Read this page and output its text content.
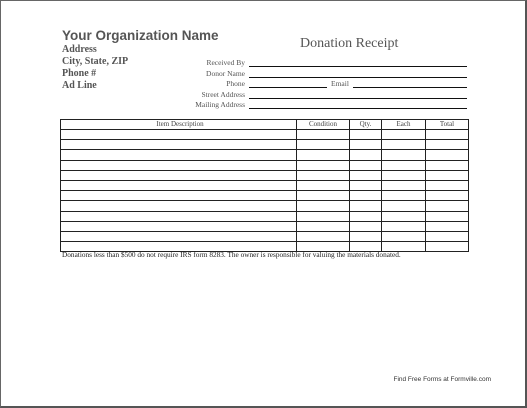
Your Organization Name
Address
City, State, ZIP
Phone #
Ad Line
Donation Receipt
Received By
Donor Name
Phone	Email
Street Address
Mailing Address
Item Description	Condition	Qty.	Each	Total

Donations less than $500 do not require IRS form 8283. The owner is responsible for valuing the materials donated.
Find Free Forms at Formville.com
